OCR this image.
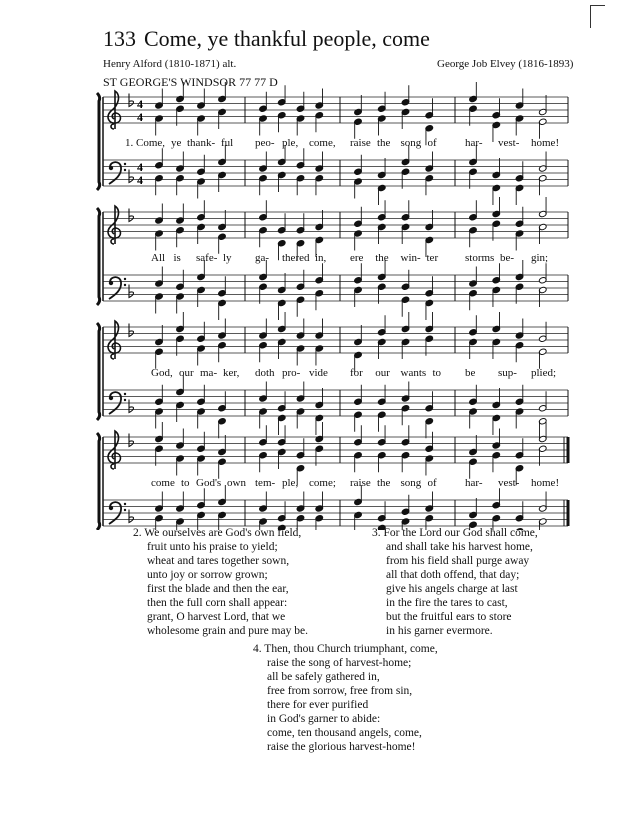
133 Come, ye thankful people, come
Henry Alford (1810-1871) alt.	George Job Elvey (1816-1893)
ST GEORGE'S WINDSOR 77 77 D
4
4
4
4
1. Come, ye thank- ful peo- ple, come, raise the song of	har- vest- home!
All is safe- ly ga- thered in, ere the win- ter storms be- gin;
God, our ma- ker, doth pro- vide for our wants to be sup- plied;
come to God's own tem- ple, come; raise the song of	har- vest- home!
2. We ourselves are God's own field,
fruit unto his praise to yield;
wheat and tares together sown,
unto joy or sorrow grown;
first the blade and then the ear,
then the full corn shall appear:
grant, O harvest Lord, that we
wholesome grain and pure may be.
3. For the Lord our God shall come,
and shall take his harvest home,
from his field shall purge away
all that doth offend, that day;
give his angels charge at last
in the fire the tares to cast,
but the fruitful ears to store
in his garner evermore.
4. Then, thou Church triumphant, come,
raise the song of harvest-home;
all be safely gathered in,
free from sorrow, free from sin,
there for ever purified
in God's garner to abide:
come, ten thousand angels, come,
raise the glorious harvest-home!
